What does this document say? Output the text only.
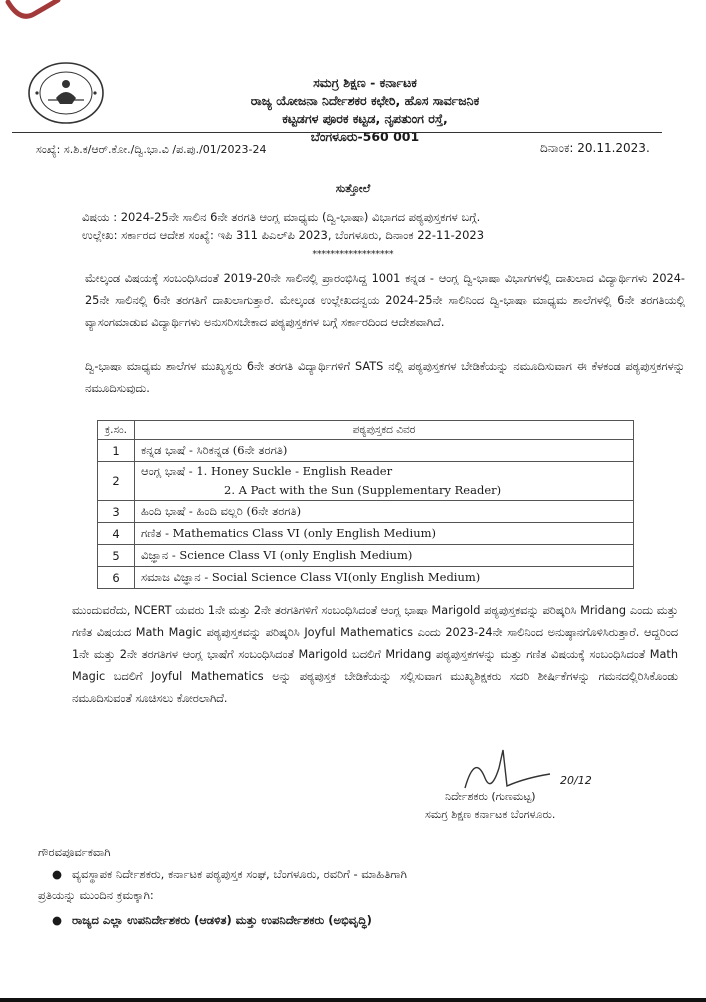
ಸಮಗ್ರ ಶಿಕ್ಷಣ - ಕರ್ನಾಟಕ
ರಾಜ್ಯ ಯೋಜನಾ ನಿರ್ದೇಶಕರ ಕಛೇರಿ, ಹೊಸ ಸಾರ್ವಜನಿಕ
ಕಟ್ಟಡಗಳ ಪೂರಕ ಕಟ್ಟಡ, ನೃಪತುಂಗ ರಸ್ತೆ,
ಬೆಂಗಳೂರು-560 001
ಸಂಖ್ಯೆ: ಸ.ಶಿ.ಕ/ಆರ್.ಕೋ./ದ್ವಿ.ಭಾ.ವಿ /ಪ.ಪು./01/2023-24	ದಿನಾಂಕ: 20.11.2023.
ಸುತ್ತೋಲೆ
ವಿಷಯ : 2024-25ನೇ ಸಾಲಿನ 6ನೇ ತರಗತಿ ಆಂಗ್ಲ ಮಾಧ್ಯಮ (ದ್ವಿ-ಭಾಷಾ) ವಿಭಾಗದ ಪಠ್ಯಪುಸ್ತಕಗಳ ಬಗ್ಗೆ.
ಉಲ್ಲೇಖ: ಸರ್ಕಾರದ ಆದೇಶ ಸಂಖ್ಯೆ: ಇಪಿ 311 ಪಿಎಲ್‌ಪಿ 2023, ಬೆಂಗಳೂರು, ದಿನಾಂಕ 22-11-2023
******************
ಮೇಲ್ಕಂಡ ವಿಷಯಕ್ಕೆ ಸಂಬಂಧಿಸಿದಂತೆ 2019-20ನೇ ಸಾಲಿನಲ್ಲಿ ಪ್ರಾರಂಭಿಸಿದ್ದ 1001 ಕನ್ನಡ - ಆಂಗ್ಲ ದ್ವಿ-ಭಾಷಾ ವಿಭಾಗಗಳಲ್ಲಿ ದಾಖಲಾದ ವಿದ್ಯಾರ್ಥಿಗಳು 2024-25ನೇ ಸಾಲಿನಲ್ಲಿ 6ನೇ ತರಗತಿಗೆ ದಾಖಲಾಗುತ್ತಾರೆ. ಮೇಲ್ಕಂಡ ಉಲ್ಲೇಖದನ್ವಯ 2024-25ನೇ ಸಾಲಿನಿಂದ ದ್ವಿ-ಭಾಷಾ ಮಾಧ್ಯಮ ಶಾಲೆಗಳಲ್ಲಿ 6ನೇ ತರಗತಿಯಲ್ಲಿ ವ್ಯಾಸಂಗಮಾಡುವ ವಿದ್ಯಾರ್ಥಿಗಳು ಅನುಸರಿಸಬೇಕಾದ ಪಠ್ಯಪುಸ್ತಕಗಳ ಬಗ್ಗೆ ಸರ್ಕಾರದಿಂದ ಆದೇಶವಾಗಿದೆ.
ದ್ವಿ-ಭಾಷಾ ಮಾಧ್ಯಮ ಶಾಲೆಗಳ ಮುಖ್ಯಸ್ಥರು 6ನೇ ತರಗತಿ ವಿದ್ಯಾರ್ಥಿಗಳಿಗೆ SATS ನಲ್ಲಿ ಪಠ್ಯಪುಸ್ತಕಗಳ ಬೇಡಿಕೆಯನ್ನು ನಮೂದಿಸುವಾಗ ಈ ಕೆಳಕಂಡ ಪಠ್ಯಪುಸ್ತಕಗಳನ್ನು ನಮೂದಿಸುವುದು.
ಕ್ರ.ಸಂ.	ಪಠ್ಯಪುಸ್ತಕದ ವಿವರ
1	ಕನ್ನಡ ಭಾಷೆ - ಸಿರಿಕನ್ನಡ (6ನೇ ತರಗತಿ)

2	ಆಂಗ್ಲ ಭಾಷೆ - 1. Honey Suckle - English Reader
2. A Pact with the Sun (Supplementary Reader)

3	ಹಿಂದಿ ಭಾಷೆ - ಹಿಂದಿ ವಲ್ಲರಿ (6ನೇ ತರಗತಿ)

4	ಗಣಿತ - Mathematics Class VI (only English Medium)

5	ವಿಜ್ಞಾನ - Science Class VI (only English Medium)

6	ಸಮಾಜ ವಿಜ್ಞಾನ - Social Science Class VI(only English Medium)
ಮುಂದುವರೆದು, NCERT ಯವರು 1ನೇ ಮತ್ತು 2ನೇ ತರಗತಿಗಳಿಗೆ ಸಂಬಂಧಿಸಿದಂತೆ ಆಂಗ್ಲ ಭಾಷಾ Marigold ಪಠ್ಯಪುಸ್ತಕವನ್ನು ಪರಿಷ್ಕರಿಸಿ Mridang ಎಂದು ಮತ್ತು ಗಣಿತ ವಿಷಯದ Math Magic ಪಠ್ಯಪುಸ್ತಕವನ್ನು ಪರಿಷ್ಕರಿಸಿ Joyful Mathematics ಎಂದು 2023-24ನೇ ಸಾಲಿನಿಂದ ಅನುಷ್ಠಾನಗೊಳಿಸಿರುತ್ತಾರೆ. ಆದ್ದರಿಂದ 1ನೇ ಮತ್ತು 2ನೇ ತರಗತಿಗಳ ಆಂಗ್ಲ ಭಾಷೆಗೆ ಸಂಬಂಧಿಸಿದಂತೆ Marigold ಬದಲಿಗೆ Mridang ಪಠ್ಯಪುಸ್ತಕಗಳನ್ನು ಮತ್ತು ಗಣಿತ ವಿಷಯಕ್ಕೆ ಸಂಬಂಧಿಸಿದಂತೆ Math Magic ಬದಲಿಗೆ Joyful Mathematics ಅನ್ನು ಪಠ್ಯಪುಸ್ತಕ ಬೇಡಿಕೆಯನ್ನು ಸಲ್ಲಿಸುವಾಗ ಮುಖ್ಯಶಿಕ್ಷಕರು ಸದರಿ ಶೀರ್ಷಿಕೆಗಳನ್ನು ಗಮನದಲ್ಲಿರಿಸಿಕೊಂಡು ನಮೂದಿಸುವಂತೆ ಸೂಚಿಸಲು ಕೋರಲಾಗಿದೆ.
20/12
ನಿರ್ದೇಶಕರು (ಗುಣಮಟ್ಟ)
ಸಮಗ್ರ ಶಿಕ್ಷಣ ಕರ್ನಾಟಕ ಬೆಂಗಳೂರು.
ಗೌರವಪೂರ್ವಕವಾಗಿ
● ವ್ಯವಸ್ಥಾಪಕ ನಿರ್ದೇಶಕರು, ಕರ್ನಾಟಕ ಪಠ್ಯಪುಸ್ತಕ ಸಂಘ, ಬೆಂಗಳೂರು, ರವರಿಗೆ - ಮಾಹಿತಿಗಾಗಿ
ಪ್ರತಿಯನ್ನು ಮುಂದಿನ ಕ್ರಮಕ್ಕಾಗಿ:
● ರಾಜ್ಯದ ಎಲ್ಲಾ ಉಪನಿರ್ದೇಶಕರು (ಆಡಳಿತ) ಮತ್ತು ಉಪನಿರ್ದೇಶಕರು (ಅಭಿವೃದ್ಧಿ)
